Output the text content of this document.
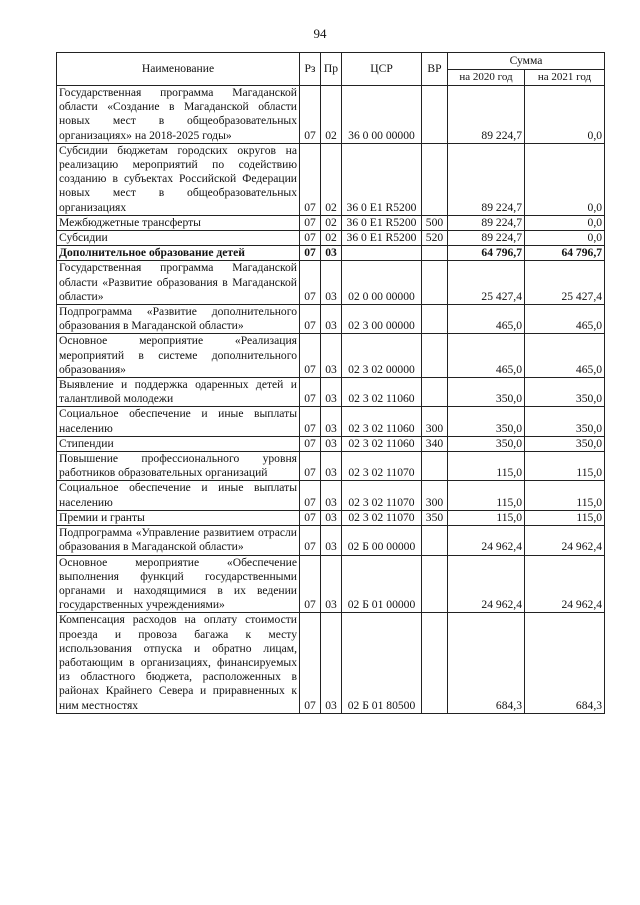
94
Наименование	Рз	Пр	ЦСР	ВР	Сумма	
					на 2020 год	на 2021 год
Государственная программа Магаданской области «Создание в Магаданской области новых мест в общеобразовательных организациях» на 2018-2025 годы»	07	02	36 0 00 00000		89 224,7	0,0
Субсидии бюджетам городских округов на реализацию мероприятий по содействию созданию в субъектах Российской Федерации новых мест в общеобразовательных организациях	07	02	36 0 E1 R5200		89 224,7	0,0
Межбюджетные трансферты	07	02	36 0 E1 R5200	500	89 224,7	0,0
Субсидии	07	02	36 0 E1 R5200	520	89 224,7	0,0
Дополнительное образование детей	07	03			64 796,7	64 796,7
Государственная программа Магаданской области «Развитие образования в Магаданской области»	07	03	02 0 00 00000		25 427,4	25 427,4
Подпрограмма «Развитие дополнительного образования в Магаданской области»	07	03	02 3 00 00000		465,0	465,0
Основное мероприятие «Реализация мероприятий в системе дополнительного образования»	07	03	02 3 02 00000		465,0	465,0
Выявление и поддержка одаренных детей и талантливой молодежи	07	03	02 3 02 11060		350,0	350,0
Социальное обеспечение и иные выплаты населению	07	03	02 3 02 11060	300	350,0	350,0
Стипендии	07	03	02 3 02 11060	340	350,0	350,0
Повышение профессионального уровня работников образовательных организаций	07	03	02 3 02 11070		115,0	115,0
Социальное обеспечение и иные выплаты населению	07	03	02 3 02 11070	300	115,0	115,0
Премии и гранты	07	03	02 3 02 11070	350	115,0	115,0
Подпрограмма «Управление развитием отрасли образования в Магаданской области»	07	03	02 Б 00 00000		24 962,4	24 962,4
Основное мероприятие «Обеспечение выполнения функций государственными органами и находящимися в их ведении государственных учреждениями»	07	03	02 Б 01 00000		24 962,4	24 962,4
Компенсация расходов на оплату стоимости проезда и провоза багажа к месту использования отпуска и обратно лицам, работающим в организациях, финансируемых из областного бюджета, расположенных в районах Крайнего Севера и приравненных к ним местностях	07	03	02 Б 01 80500		684,3	684,3
